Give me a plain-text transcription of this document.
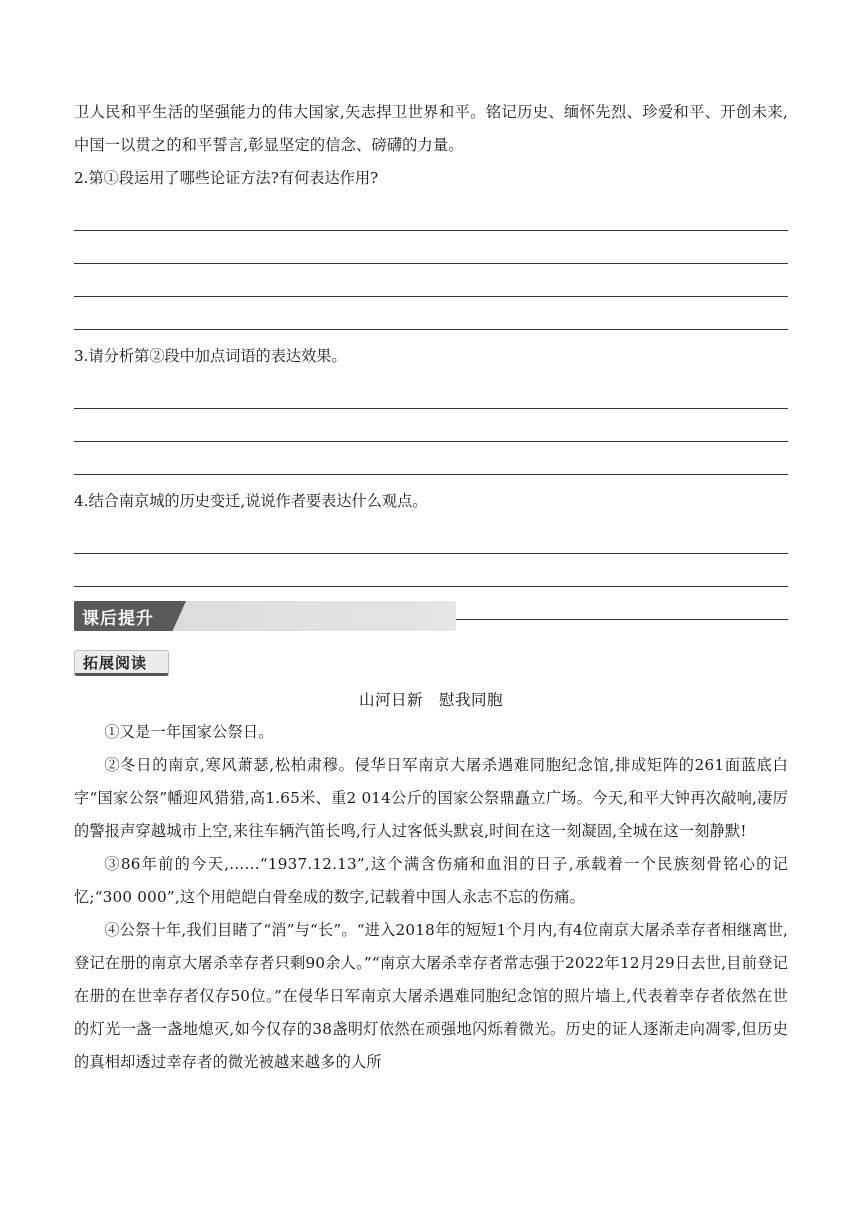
卫人民和平生活的坚强能力的伟大国家,矢志捍卫世界和平。铭记历史、缅怀先烈、珍爱和平、开创未来,中国一以贯之的和平誓言,彰显坚定的信念、磅礴的力量。

2.第①段运用了哪些论证方法?有何表达作用?

3.请分析第②段中加点词语的表达效果。

4.结合南京城的历史变迁,说说作者要表达什么观点。

课后提升
拓展阅读
山河日新　慰我同胞

①又是一年国家公祭日。

②冬日的南京,寒风萧瑟,松柏肃穆。侵华日军南京大屠杀遇难同胞纪念馆,排成矩阵的261面蓝底白字“国家公祭”幡迎风猎猎,高1.65米、重2 014公斤的国家公祭鼎矗立广场。今天,和平大钟再次敲响,凄厉的警报声穿越城市上空,来往车辆汽笛长鸣,行人过客低头默哀,时间在这一刻凝固,全城在这一刻静默!

③86年前的今天,……“1937.12.13”,这个满含伤痛和血泪的日子,承载着一个民族刻骨铭心的记忆;“300 000”,这个用皑皑白骨垒成的数字,记载着中国人永志不忘的伤痛。

④公祭十年,我们目睹了“消”与“长”。“进入2018年的短短1个月内,有4位南京大屠杀幸存者相继离世,登记在册的南京大屠杀幸存者只剩90余人。”“南京大屠杀幸存者常志强于2022年12月29日去世,目前登记在册的在世幸存者仅存50位。”在侵华日军南京大屠杀遇难同胞纪念馆的照片墙上,代表着幸存者依然在世的灯光一盏一盏地熄灭,如今仅存的38盏明灯依然在顽强地闪烁着微光。历史的证人逐渐走向凋零,但历史的真相却透过幸存者的微光被越来越多的人所
